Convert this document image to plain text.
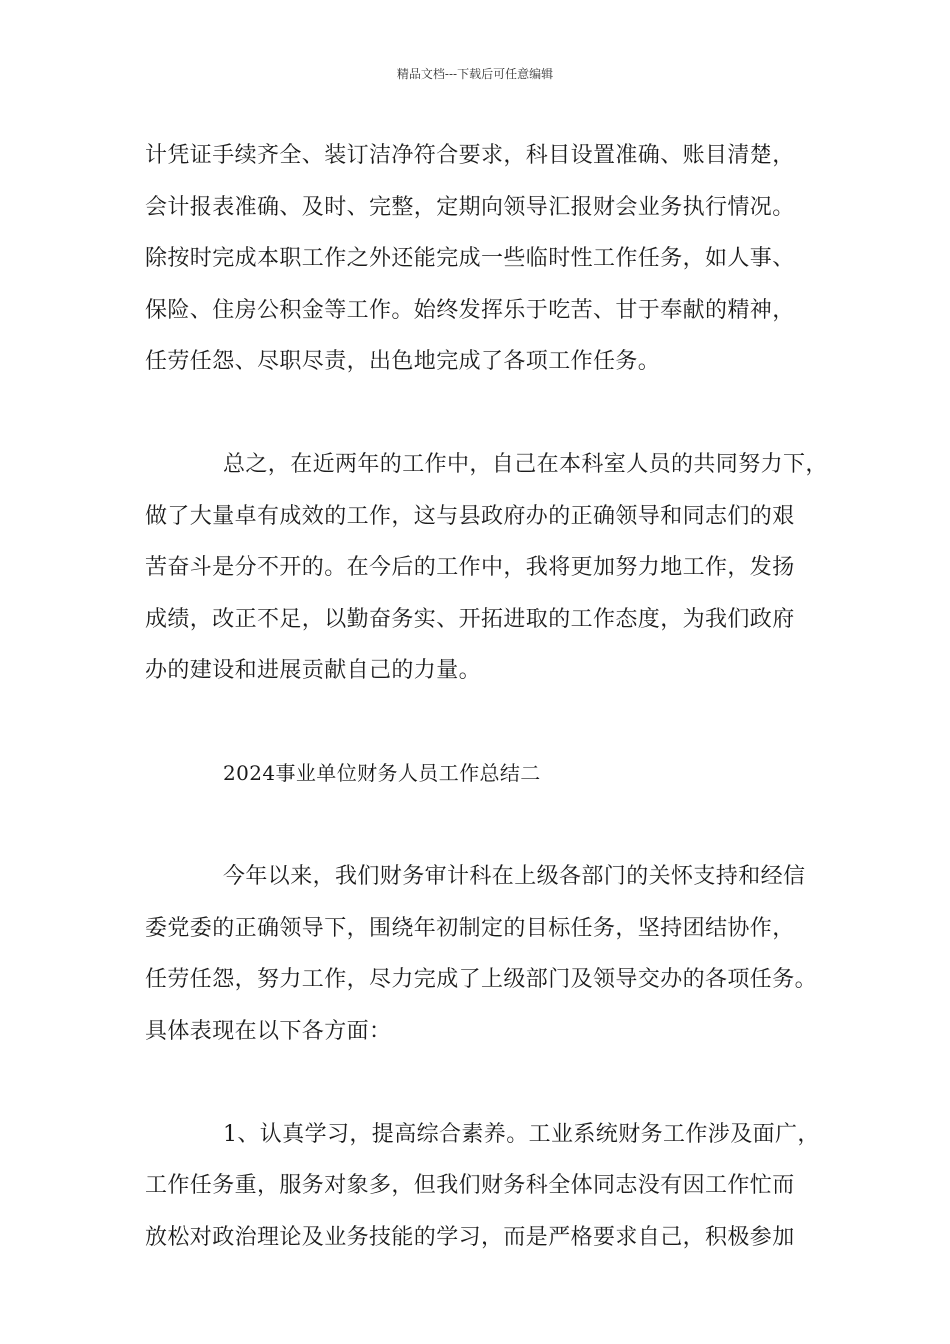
精品文档---下载后可任意编辑
计凭证手续齐全、装订洁净符合要求，科目设置准确、账目清楚，
会计报表准确、及时、完整，定期向领导汇报财会业务执行情况。
除按时完成本职工作之外还能完成一些临时性工作任务，如人事、
保险、住房公积金等工作。始终发挥乐于吃苦、甘于奉献的精神，
任劳任怨、尽职尽责，出色地完成了各项工作任务。
总之，在近两年的工作中，自己在本科室人员的共同努力下，
做了大量卓有成效的工作，这与县政府办的正确领导和同志们的艰
苦奋斗是分不开的。在今后的工作中，我将更加努力地工作，发扬
成绩，改正不足，以勤奋务实、开拓进取的工作态度，为我们政府
办的建设和进展贡献自己的力量。
2024事业单位财务人员工作总结二
今年以来，我们财务审计科在上级各部门的关怀支持和经信
委党委的正确领导下，围绕年初制定的目标任务，坚持团结协作，
任劳任怨，努力工作，尽力完成了上级部门及领导交办的各项任务。
具体表现在以下各方面：
1、认真学习，提高综合素养。工业系统财务工作涉及面广，
工作任务重，服务对象多，但我们财务科全体同志没有因工作忙而
放松对政治理论及业务技能的学习，而是严格要求自己，积极参加
